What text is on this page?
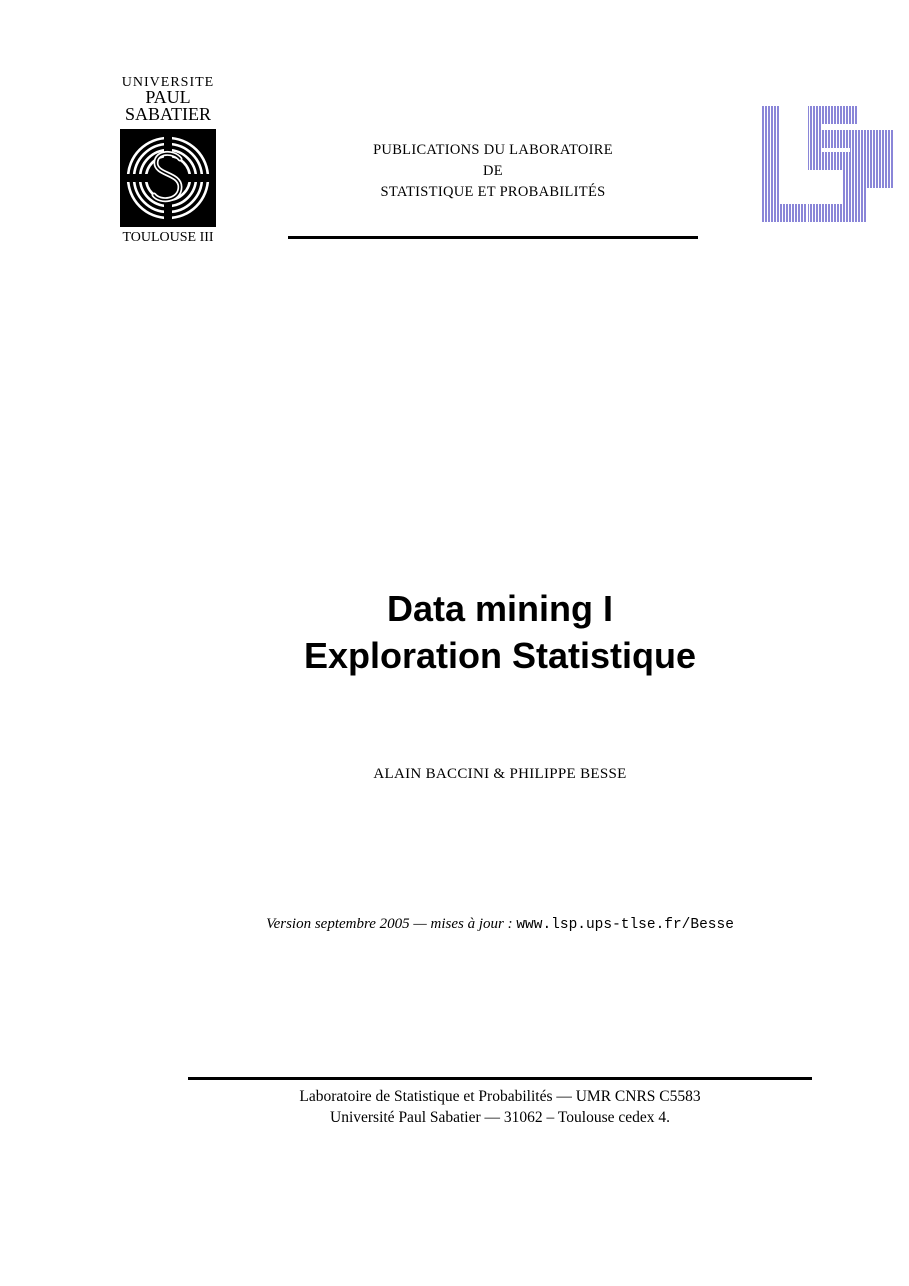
UNIVERSITE
PAUL
SABATIER
TOULOUSE III
PUBLICATIONS DU LABORATOIRE
DE
STATISTIQUE ET PROBABILITÉS
Data mining I
Exploration Statistique
ALAIN BACCINI & PHILIPPE BESSE
Version septembre 2005 — mises à jour : www.lsp.ups-tlse.fr/Besse
Laboratoire de Statistique et Probabilités — UMR CNRS C5583
Université Paul Sabatier — 31062 – Toulouse cedex 4.
